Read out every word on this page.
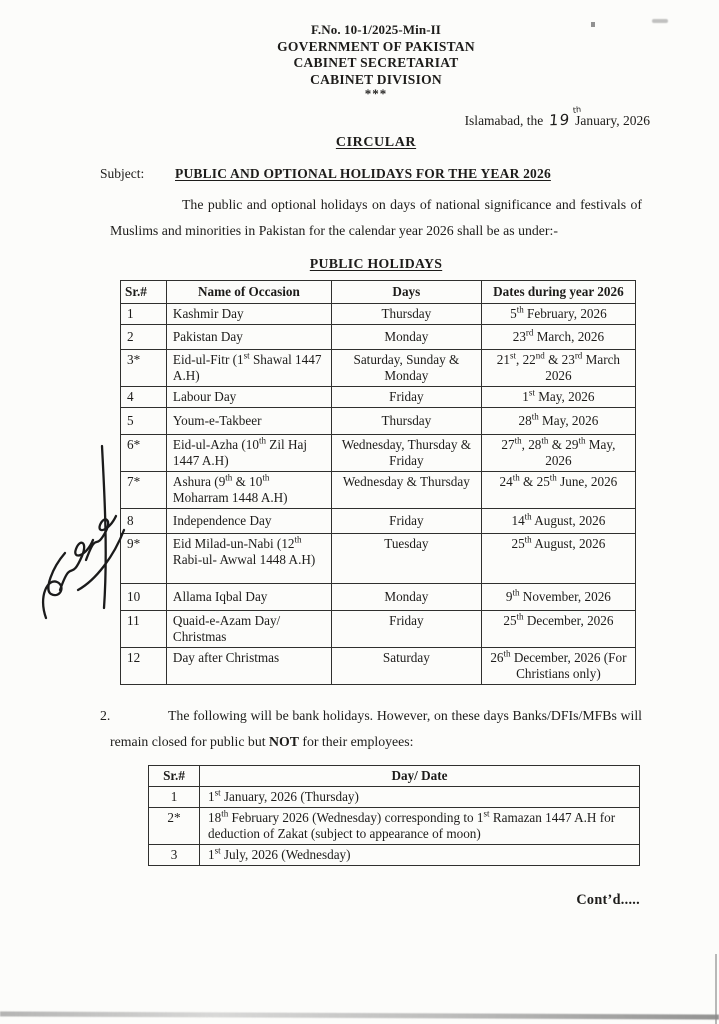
F.No. 10-1/2025-Min-II
GOVERNMENT OF PAKISTAN
CABINET SECRETARIAT
CABINET DIVISION
***
Islamabad, the 19
th
January, 2026
CIRCULAR
Subject:	PUBLIC AND OPTIONAL HOLIDAYS FOR THE YEAR 2026

The public and optional holidays on days of national significance and festivals of Muslims and minorities in Pakistan for the calendar year 2026 shall be as under:-

PUBLIC HOLIDAYS
Sr.#	Name of Occasion	Days	Dates during year 2026
1	Kashmir Day	Thursday	5th February, 2026
2	Pakistan Day	Monday	23rd March, 2026
3*	Eid-ul-Fitr (1st Shawal 1447 A.H)	Saturday, Sunday & Monday	21st, 22nd & 23rd March 2026
4	Labour Day	Friday	1st May, 2026
5	Youm-e-Takbeer	Thursday	28th May, 2026
6*	Eid-ul-Azha (10th Zil Haj 1447 A.H)	Wednesday, Thursday & Friday	27th, 28th & 29th May, 2026
7*	Ashura (9th & 10th Moharram 1448 A.H)	Wednesday & Thursday	24th & 25th June, 2026
8	Independence Day	Friday	14th August, 2026
9*	Eid Milad-un-Nabi (12th Rabi-ul- Awwal 1448 A.H)	Tuesday	25th August, 2026
10	Allama Iqbal Day	Monday	9th November, 2026
11	Quaid-e-Azam Day/ Christmas	Friday	25th December, 2026
12	Day after Christmas	Saturday	26th December, 2026 (For Christians only)

2.	The following will be bank holidays. However, on these days Banks/DFIs/MFBs will remain closed for public but NOT for their employees:

Sr.#	Day/ Date
1	1st January, 2026 (Thursday)
2*	18th February 2026 (Wednesday) corresponding to 1st Ramazan 1447 A.H for deduction of Zakat (subject to appearance of moon)
3	1st July, 2026 (Wednesday)
Cont’d.....
